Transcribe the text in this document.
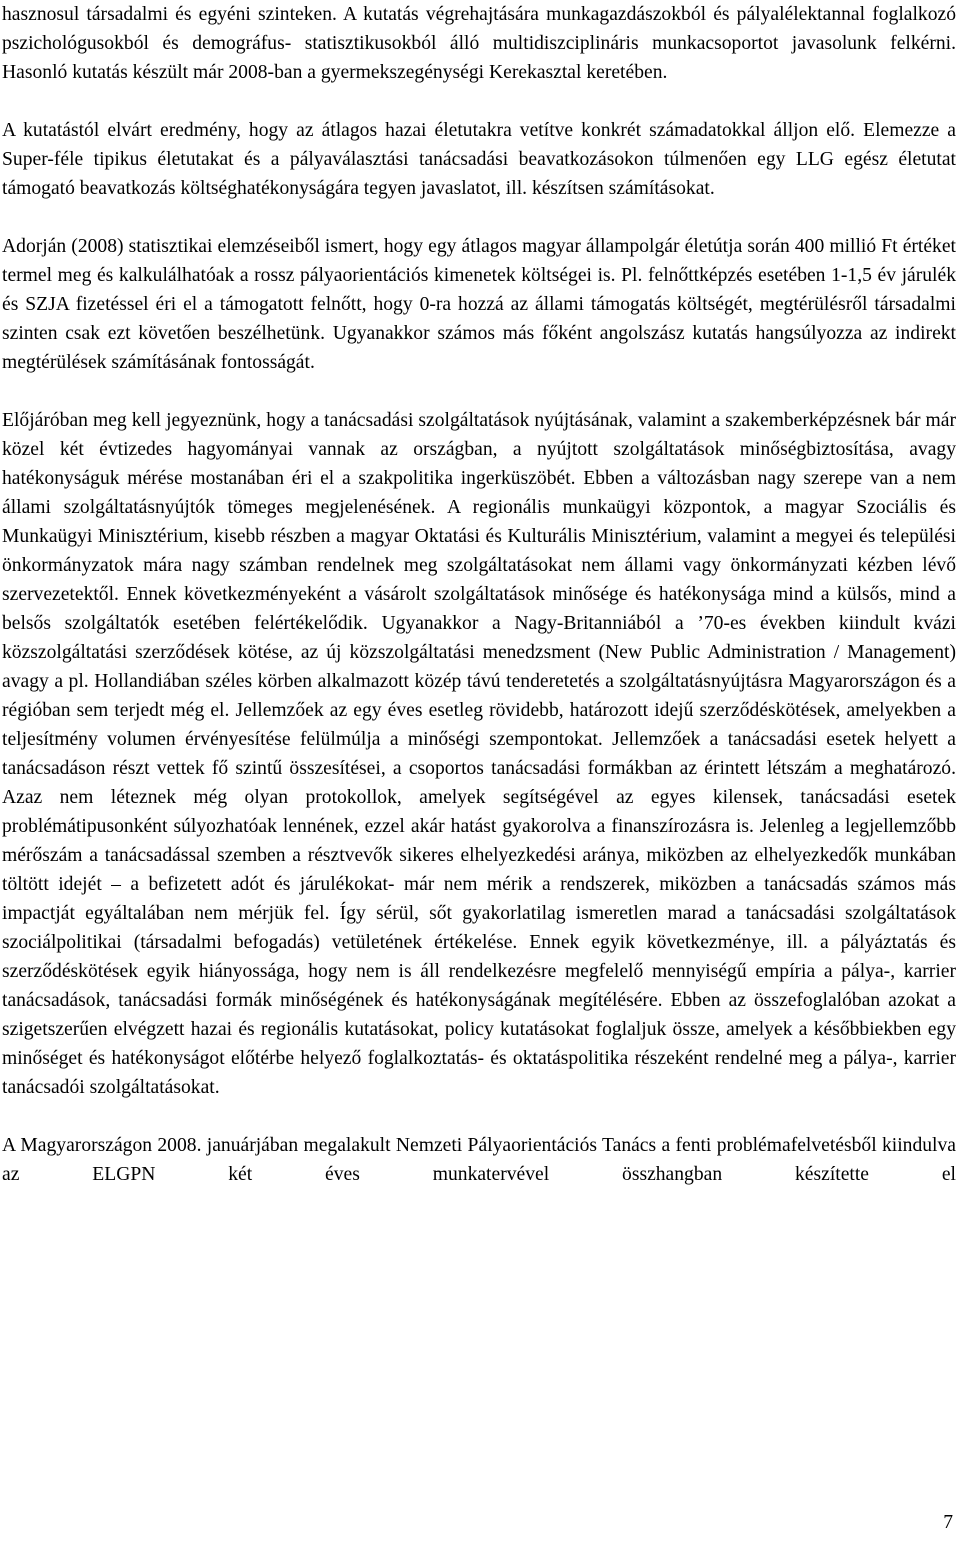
hasznosul társadalmi és egyéni szinteken. A kutatás végrehajtására munkagazdászokból és pályalélektannal foglalkozó pszichológusokból és demográfus- statisztikusokból álló multidiszciplináris munkacsoportot javasolunk felkérni. Hasonló kutatás készült már 2008-ban a gyermekszegénységi Kerekasztal keretében.

A kutatástól elvárt eredmény, hogy az átlagos hazai életutakra vetítve konkrét számadatokkal álljon elő. Elemezze a Super-féle tipikus életutakat és a pályaválasztási tanácsadási beavatkozásokon túlmenően egy LLG egész életutat támogató beavatkozás költséghatékonyságára tegyen javaslatot, ill. készítsen számításokat.

Adorján (2008) statisztikai elemzéseiből ismert, hogy egy átlagos magyar állampolgár életútja során 400 millió Ft értéket termel meg és kalkulálhatóak a rossz pályaorientációs kimenetek költségei is. Pl. felnőttképzés esetében 1-1,5 év járulék és SZJA fizetéssel éri el a támogatott felnőtt, hogy 0-ra hozzá az állami támogatás költségét, megtérülésről társadalmi szinten csak ezt követően beszélhetünk. Ugyanakkor számos más főként angolszász kutatás hangsúlyozza az indirekt megtérülések számításának fontosságát.

Előjáróban meg kell jegyeznünk, hogy a tanácsadási szolgáltatások nyújtásának, valamint a szakemberképzésnek bár már közel két évtizedes hagyományai vannak az országban, a nyújtott szolgáltatások minőségbiztosítása, avagy hatékonyságuk mérése mostanában éri el a szakpolitika ingerküszöbét. Ebben a változásban nagy szerepe van a nem állami szolgáltatásnyújtók tömeges megjelenésének. A regionális munkaügyi központok, a magyar Szociális és Munkaügyi Minisztérium, kisebb részben a magyar Oktatási és Kulturális Minisztérium, valamint a megyei és települési önkormányzatok mára nagy számban rendelnek meg szolgáltatásokat nem állami vagy önkormányzati kézben lévő szervezetektől. Ennek következményeként a vásárolt szolgáltatások minősége és hatékonysága mind a külsős, mind a belsős szolgáltatók esetében felértékelődik. Ugyanakkor a Nagy-Britanniából a ’70-es években kiindult kvázi közszolgáltatási szerződések kötése, az új közszolgáltatási menedzsment (New Public Administration / Management) avagy a pl. Hollandiában széles körben alkalmazott közép távú tenderetetés a szolgáltatásnyújtásra Magyarországon és a régióban sem terjedt még el. Jellemzőek az egy éves esetleg rövidebb, határozott idejű szerződéskötések, amelyekben a teljesítmény volumen érvényesítése felülmúlja a minőségi szempontokat. Jellemzőek a tanácsadási esetek helyett a tanácsadáson részt vettek fő szintű összesítései, a csoportos tanácsadási formákban az érintett létszám a meghatározó. Azaz nem léteznek még olyan protokollok, amelyek segítségével az egyes kilensek, tanácsadási esetek problémátipusonként súlyozhatóak lennének, ezzel akár hatást gyakorolva a finanszírozásra is. Jelenleg a legjellemzőbb mérőszám a tanácsadással szemben a résztvevők sikeres elhelyezkedési aránya, miközben az elhelyezkedők munkában töltött idejét – a befizetett adót és járulékokat- már nem mérik a rendszerek, miközben a tanácsadás számos más impactját egyáltalában nem mérjük fel. Így sérül, sőt gyakorlatilag ismeretlen marad a tanácsadási szolgáltatások szociálpolitikai (társadalmi befogadás) vetületének értékelése. Ennek egyik következménye, ill. a pályáztatás és szerződéskötések egyik hiányossága, hogy nem is áll rendelkezésre megfelelő mennyiségű empíria a pálya-, karrier tanácsadások, tanácsadási formák minőségének és hatékonyságának megítélésére. Ebben az összefoglalóban azokat a szigetszerűen elvégzett hazai és regionális kutatásokat, policy kutatásokat foglaljuk össze, amelyek a későbbiekben egy minőséget és hatékonyságot előtérbe helyező foglalkoztatás- és oktatáspolitika részeként rendelné meg a pálya-, karrier tanácsadói szolgáltatásokat.

A Magyarországon 2008. januárjában megalakult Nemzeti Pályaorientációs Tanács a fenti problémafelvetésből kiindulva az ELGPN két éves munkatervével összhangban készítette el

7
